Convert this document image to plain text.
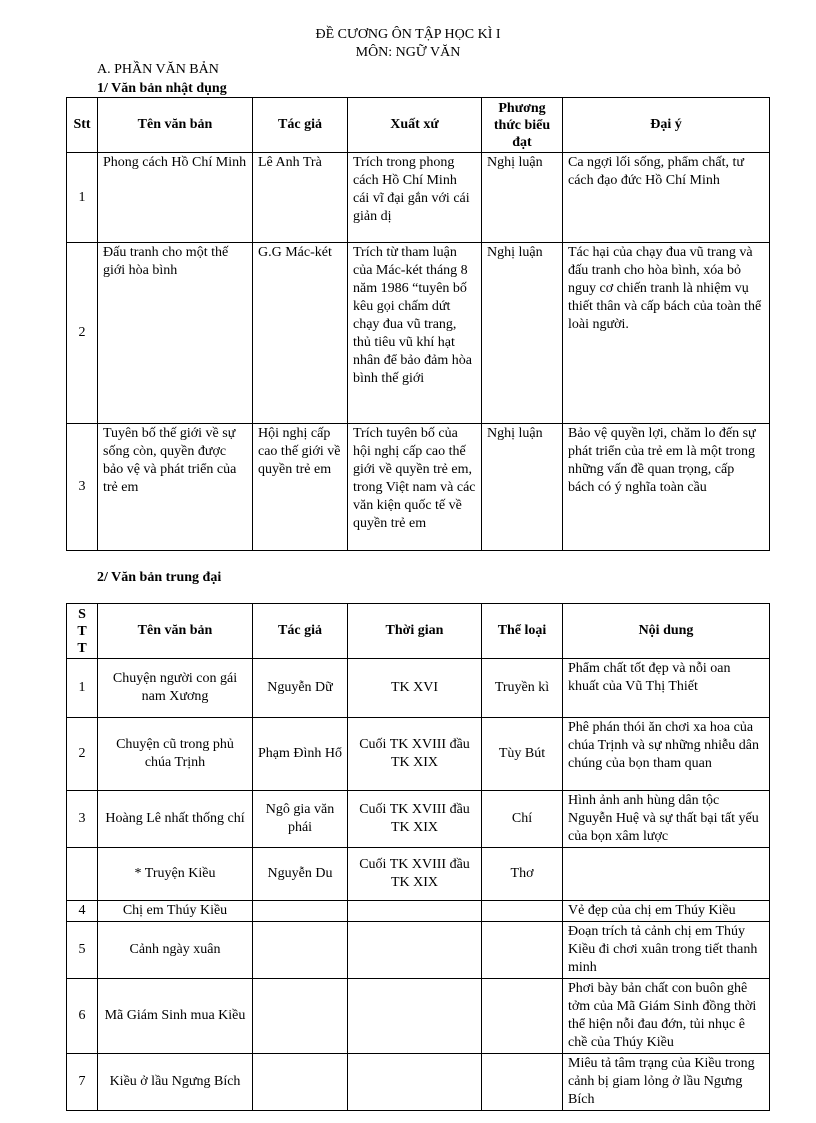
ĐỀ CƯƠNG ÔN TẬP HỌC KÌ I
MÔN: NGỮ VĂN
A. PHẦN VĂN BẢN
1/ Văn bản nhật dụng
Stt	Tên văn bản	Tác giả	Xuất xứ	Phương thức biểu đạt	Đại ý
1	Phong cách Hồ Chí Minh	Lê Anh Trà	Trích trong phong cách Hồ Chí Minh cái vĩ đại gắn với cái giản dị	Nghị luận	Ca ngợi lối sống, phẩm chất, tư cách đạo đức Hồ Chí Minh
2	Đấu tranh cho một thế giới hòa bình	G.G Mác-két	Trích từ tham luận của Mác-két tháng 8 năm 1986 “tuyên bố kêu gọi chấm dứt chạy đua vũ trang, thủ tiêu vũ khí hạt nhân để bảo đảm hòa bình thế giới	Nghị luận	Tác hại của chạy đua vũ trang và đấu tranh cho hòa bình, xóa bỏ nguy cơ chiến tranh là nhiệm vụ thiết thân và cấp bách của toàn thể loài người.
3	Tuyên bố thế giới về sự sống còn, quyền được bảo vệ và phát triển của trẻ em	Hội nghị cấp cao thế giới về quyền trẻ em	Trích tuyên bố của hội nghị cấp cao thế giới về quyền trẻ em, trong Việt nam và các văn kiện quốc tế về quyền trẻ em	Nghị luận	Bảo vệ quyền lợi, chăm lo đến sự phát triển của trẻ em là một trong những vấn đề quan trọng, cấp bách có ý nghĩa toàn cầu
2/ Văn bản trung đại
S T T	Tên văn bản	Tác giả	Thời gian	Thể loại	Nội dung
1	Chuyện người con gái nam Xương	Nguyễn Dữ	TK XVI	Truyền kì	Phẩm chất tốt đẹp và nỗi oan khuất của Vũ Thị Thiết
2	Chuyện cũ trong phủ chúa Trịnh	Phạm Đình Hổ	Cuối TK XVIII đầu TK XIX	Tùy Bút	Phê phán thói ăn chơi xa hoa của chúa Trịnh và sự những nhiễu dân chúng của bọn tham quan
3	Hoàng Lê nhất thống chí	Ngô gia văn phái	Cuối TK XVIII đầu TK XIX	Chí	Hình ảnh anh hùng dân tộc Nguyễn Huệ và sự thất bại tất yếu của bọn xâm lược
	* Truyện Kiều	Nguyễn Du	Cuối TK XVIII đầu TK XIX	Thơ	
4	Chị em Thúy Kiều				Vẻ đẹp của chị em Thúy Kiều
5	Cảnh ngày xuân				Đoạn trích tả cảnh chị em Thúy Kiều đi chơi xuân trong tiết thanh minh
6	Mã Giám Sinh mua Kiều				Phơi bày bản chất con buôn ghê tởm của Mã Giám Sinh đồng thời thể hiện nỗi đau đớn, tủi nhục ê chề của Thúy Kiều
7	Kiều ở lầu Ngưng Bích				Miêu tả tâm trạng của Kiều trong cảnh bị giam lỏng ở lầu Ngưng Bích
